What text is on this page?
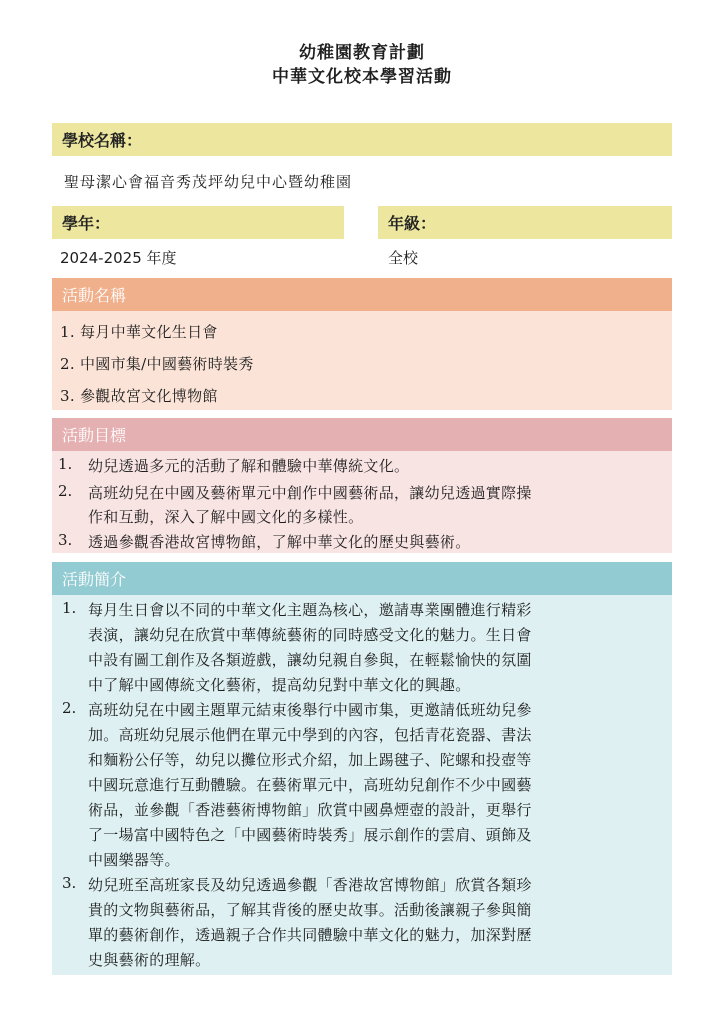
幼稚園教育計劃
中華文化校本學習活動
學校名稱：
聖母潔心會福音秀茂坪幼兒中心暨幼稚園
學年：	年級：
2024-2025 年度	全校
活動名稱
1. 每月中華文化生日會
2. 中國市集/中國藝術時裝秀
3. 參觀故宮文化博物館
活動目標
1. 幼兒透過多元的活動了解和體驗中華傳統文化。
2. 高班幼兒在中國及藝術單元中創作中國藝術品，讓幼兒透過實際操
作和互動，深入了解中國文化的多樣性。
3. 透過參觀香港故宮博物館，了解中華文化的歷史與藝術。
活動簡介
1. 每月生日會以不同的中華文化主題為核心，邀請專業團體進行精彩
表演，讓幼兒在欣賞中華傳統藝術的同時感受文化的魅力。生日會
中設有圖工創作及各類遊戲，讓幼兒親自參與，在輕鬆愉快的氛圍
中了解中國傳統文化藝術，提高幼兒對中華文化的興趣。
2. 高班幼兒在中國主題單元結束後舉行中國市集，更邀請低班幼兒參
加。高班幼兒展示他們在單元中學到的內容，包括青花瓷器、書法
和麵粉公仔等，幼兒以攤位形式介紹，加上踢毽子、陀螺和投壺等
中國玩意進行互動體驗。在藝術單元中，高班幼兒創作不少中國藝
術品，並參觀「香港藝術博物館」欣賞中國鼻煙壺的設計，更舉行
了一場富中國特色之「中國藝術時裝秀」展示創作的雲肩、頭飾及
中國樂器等。
3. 幼兒班至高班家長及幼兒透過參觀「香港故宮博物館」欣賞各類珍
貴的文物與藝術品，了解其背後的歷史故事。活動後讓親子參與簡
單的藝術創作，透過親子合作共同體驗中華文化的魅力，加深對歷
史與藝術的理解。
